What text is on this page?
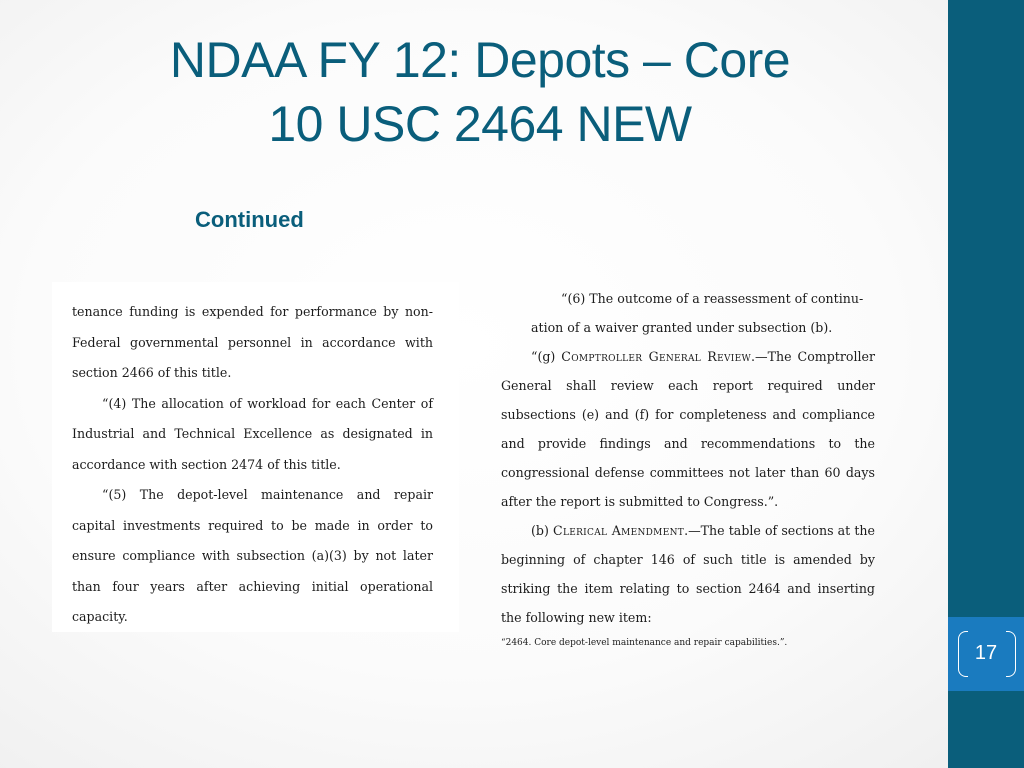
17
NDAA FY 12: Depots – Core
10 USC 2464 NEW
Continued

tenance funding is expended for performance by non-Federal governmental personnel in accordance with section 2466 of this title.

“(4) The allocation of workload for each Center of Industrial and Technical Excellence as designated in accordance with section 2474 of this title.

“(5) The depot-level maintenance and repair capital investments required to be made in order to ensure compliance with subsection (a)(3) by not later than four years after achieving initial operational capacity.

“(6) The outcome of a reassessment of continu-

ation of a waiver granted under subsection (b).

“(g) Comptroller General Review.—The Comptroller General shall review each report required under subsections (e) and (f) for completeness and compliance and provide findings and recommendations to the congressional defense committees not later than 60 days after the report is submitted to Congress.”.

(b) Clerical Amendment.—The table of sections at the beginning of chapter 146 of such title is amended by striking the item relating to section 2464 and inserting the following new item:

“2464. Core depot-level maintenance and repair capabilities.”.
